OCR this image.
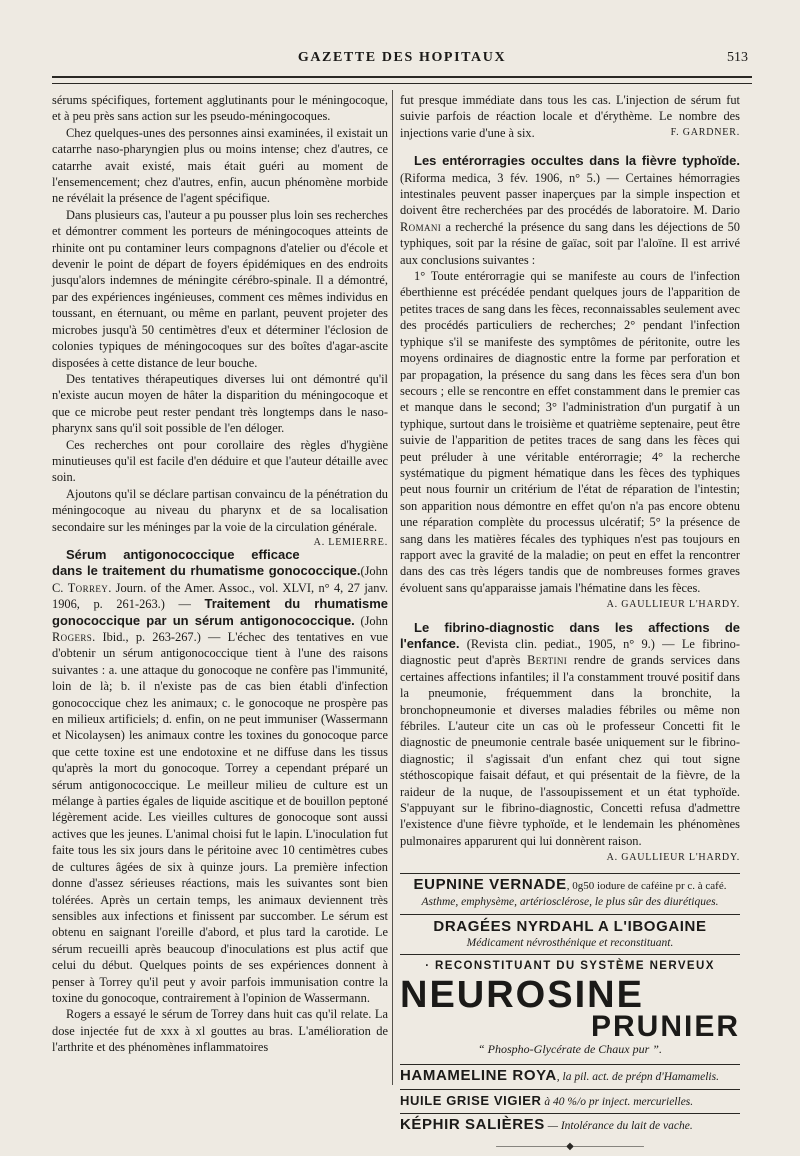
GAZETTE DES HOPITAUX	513

sérums spécifiques, fortement agglutinants pour le méningocoque, et à peu près sans action sur les pseudo-méningocoques.

Chez quelques-unes des personnes ainsi examinées, il existait un catarrhe naso-pharyngien plus ou moins intense; chez d'autres, ce catarrhe avait existé, mais était guéri au moment de l'ensemencement; chez d'autres, enfin, aucun phénomène morbide ne révélait la présence de l'agent spécifique.

Dans plusieurs cas, l'auteur a pu pousser plus loin ses recherches et démontrer comment les porteurs de méningocoques atteints de rhinite ont pu contaminer leurs compagnons d'atelier ou d'école et devenir le point de départ de foyers épidémiques en des endroits jusqu'alors indemnes de méningite cérébro-spinale. Il a démontré, par des expériences ingénieuses, comment ces mêmes individus en toussant, en éternuant, ou même en parlant, peuvent projeter des microbes jusqu'à 50 centimètres d'eux et déterminer l'éclosion de colonies typiques de méningocoques sur des boîtes d'agar-ascite disposées à cette distance de leur bouche.

Des tentatives thérapeutiques diverses lui ont démontré qu'il n'existe aucun moyen de hâter la disparition du méningocoque et que ce microbe peut rester pendant très longtemps dans le naso-pharynx sans qu'il soit possible de l'en déloger.

Ces recherches ont pour corollaire des règles d'hygiène minutieuses qu'il est facile d'en déduire et que l'auteur détaille avec soin.

Ajoutons qu'il se déclare partisan convaincu de la pénétration du méningocoque au niveau du pharynx et de sa localisation secondaire sur les méninges par la voie de la circulation générale.
A. LEMIERRE.

Sérum antigonococcique efficace dans le traitement du rhumatisme gonococcique.(John C. Torrey. Journ. of the Amer. Assoc., vol. XLVI, n° 4, 27 janv. 1906, p. 261-263.) — Traitement du rhumatisme gonococcique par un sérum antigonococcique. (John Rogers. Ibid., p. 263-267.) — L'échec des tentatives en vue d'obtenir un sérum antigonococcique tient à l'une des raisons suivantes : a. une attaque du gonocoque ne confère pas l'immunité, loin de là; b. il n'existe pas de cas bien établi d'infection gonococcique chez les animaux; c. le gonocoque ne prospère pas en milieux artificiels; d. enfin, on ne peut immuniser (Wassermann et Nicolaysen) les animaux contre les toxines du gonocoque parce que cette toxine est une endotoxine et ne diffuse dans les tissus qu'après la mort du gonocoque. Torrey a cependant préparé un sérum antigonococcique. Le meilleur milieu de culture est un mélange à parties égales de liquide ascitique et de bouillon peptoné légèrement acide. Les vieilles cultures de gonocoque sont aussi actives que les jeunes. L'animal choisi fut le lapin. L'inoculation fut faite tous les six jours dans le péritoine avec 10 centimètres cubes de cultures âgées de six à quinze jours. La première infection donne d'assez sérieuses réactions, mais les suivantes sont bien tolérées. Après un certain temps, les animaux deviennent très sensibles aux infections et finissent par succomber. Le sérum est obtenu en saignant l'oreille d'abord, et plus tard la carotide. Le sérum recueilli après beaucoup d'inoculations est plus actif que celui du début. Quelques points de ses expériences donnent à penser à Torrey qu'il peut y avoir parfois immunisation contre la toxine du gonocoque, contrairement à l'opinion de Wassermann.

Rogers a essayé le sérum de Torrey dans huit cas qu'il relate. La dose injectée fut de xxx à xl gouttes au bras. L'amélioration de l'arthrite et des phénomènes inflammatoires

fut presque immédiate dans tous les cas. L'injection de sérum fut suivie parfois de réaction locale et d'érythème. Le nombre des injections varie d'une à six.	F. GARDNER.

Les entérorragies occultes dans la fièvre typhoïde. (Riforma medica, 3 fév. 1906, n° 5.) — Certaines hémorragies intestinales peuvent passer inaperçues par la simple inspection et doivent être recherchées par des procédés de laboratoire. M. Dario Romani a recherché la présence du sang dans les déjections de 50 typhiques, soit par la résine de gaïac, soit par l'aloïne. Il est arrivé aux conclusions suivantes :

1° Toute entérorragie qui se manifeste au cours de l'infection éberthienne est précédée pendant quelques jours de l'apparition de petites traces de sang dans les fèces, reconnaissables seulement avec des procédés particuliers de recherches; 2° pendant l'infection typhique s'il se manifeste des symptômes de péritonite, outre les moyens ordinaires de diagnostic entre la forme par perforation et par propagation, la présence du sang dans les fèces sera d'un bon secours ; elle se rencontre en effet constamment dans le premier cas et manque dans le second; 3° l'administration d'un purgatif à un typhique, surtout dans le troisième et quatrième septenaire, peut être suivie de l'apparition de petites traces de sang dans les fèces qui peut préluder à une véritable entérorragie; 4° la recherche systématique du pigment hématique dans les fèces des typhiques peut nous fournir un critérium de l'état de réparation de l'intestin; son apparition nous démontre en effet qu'on n'a pas encore obtenu une réparation complète du processus ulcératif; 5° la présence de sang dans les matières fécales des typhiques n'est pas toujours en rapport avec la gravité de la maladie; on peut en effet la rencontrer dans des cas très légers tandis que de nombreuses formes graves évoluent sans qu'apparaisse jamais l'hématine dans les fèces.

A. GAULLIEUR L'HARDY.

Le fibrino-diagnostic dans les affections de l'enfance. (Revista clin. pediat., 1905, n° 9.) — Le fibrino-diagnostic peut d'après Bertini rendre de grands services dans certaines affections infantiles; il l'a constamment trouvé positif dans la pneumonie, fréquemment dans la bronchite, la bronchopneumonie et diverses maladies fébriles ou même non fébriles. L'auteur cite un cas où le professeur Concetti fit le diagnostic de pneumonie centrale basée uniquement sur le fibrino-diagnostic; il s'agissait d'un enfant chez qui tout signe stéthoscopique faisait défaut, et qui présentait de la fièvre, de la raideur de la nuque, de l'assoupissement et un état typhoïde. S'appuyant sur le fibrino-diagnostic, Concetti refusa d'admettre l'existence d'une fièvre typhoïde, et le lendemain les phénomènes pulmonaires apparurent qui lui donnèrent raison.

A. GAULLIEUR L'HARDY.

EUPNINE VERNADE, 0g50 iodure de caféine pr c. à café.
Asthme, emphysème, artériosclérose, le plus sûr des diurétiques.
DRAGÉES NYRDAHL A L'IBOGAINE
Médicament névrosthénique et reconstituant.
· RECONSTITUANT DU SYSTÈME NERVEUX
NEUROSINE
PRUNIER
“ Phospho-Glycérate de Chaux pur ”.
HAMAMELINE ROYA, la pil. act. de prépn d'Hamamelis.
HUILE GRISE VIGIER à 40 %/o pr inject. mercurielles.
KÉPHIR SALIÈRES — Intolérance du lait de vache.
———————◆———————
